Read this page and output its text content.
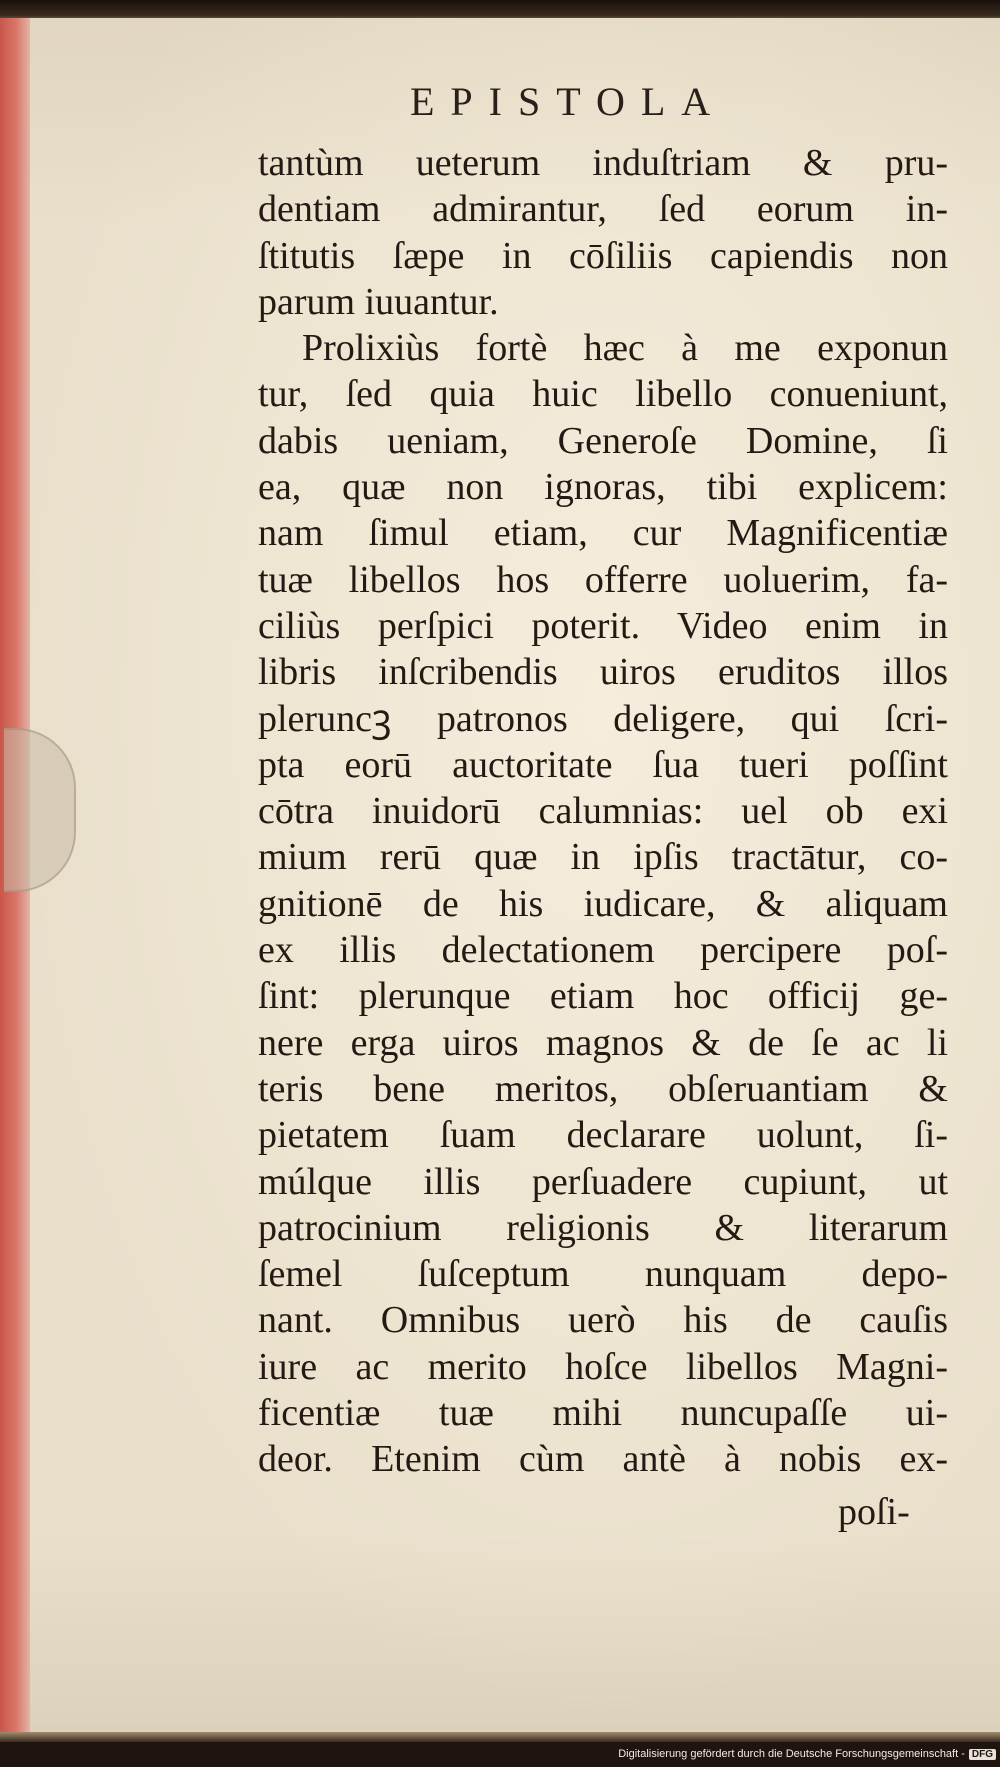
EPISTOLA
tantùm ueterum induſtriam & pru-
dentiam admirantur, ſed eorum in-
ſtitutis ſæpe in cōſiliis capiendis non
parum iuuantur.
Prolixiùs fortè hæc à me exponun
tur, ſed quia huic libello conueniunt,
dabis ueniam, Generoſe Domine, ſi
ea, quæ non ignoras, tibi explicem:
nam ſimul etiam, cur Magnificentiæ
tuæ libellos hos offerre uoluerim, fa-
ciliùs perſpici poterit. Video enim in
libris inſcribendis uiros eruditos illos
pleruncꝫ patronos deligere, qui ſcri-
pta eorū auctoritate ſua tueri poſſint
cōtra inuidorū calumnias: uel ob exi
mium rerū quæ in ipſis tractātur, co-
gnitionē de his iudicare, & aliquam
ex illis delectationem percipere poſ-
ſint: plerunque etiam hoc officij ge-
nere erga uiros magnos & de ſe ac li
teris bene meritos, obſeruantiam &
pietatem ſuam declarare uolunt, ſi-
múlque illis perſuadere cupiunt, ut
patrocinium religionis & literarum
ſemel ſuſceptum nunquam depo-
nant. Omnibus uerò his de cauſis
iure ac merito hoſce libellos Magni-
ficentiæ tuæ mihi nuncupaſſe ui-
deor. Etenim cùm antè à nobis ex-
poſi-
Digitalisierung gefördert durch die Deutsche Forschungsgemeinschaft - DFG
